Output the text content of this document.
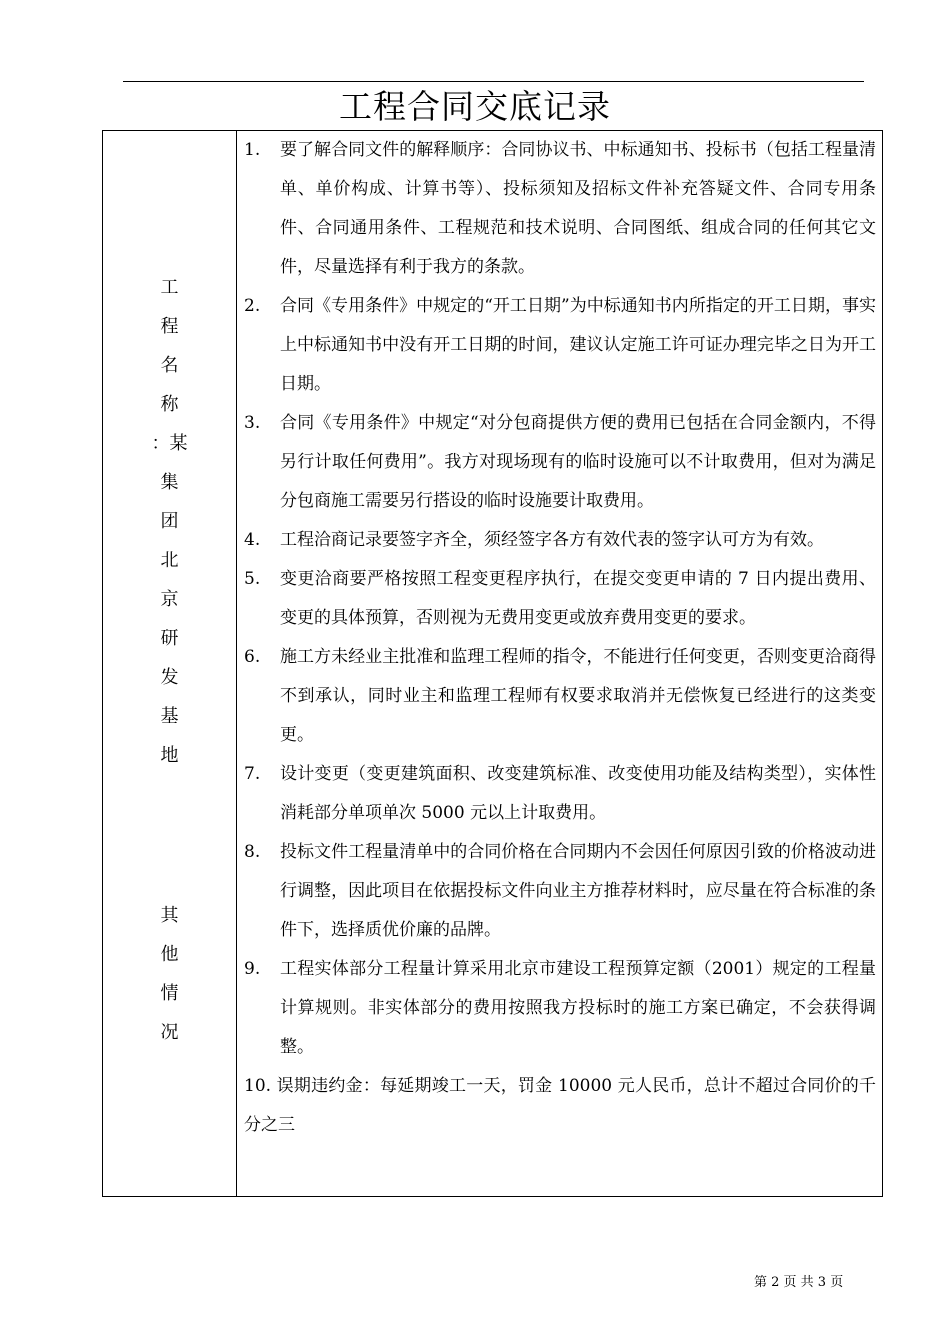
工程合同交底记录
工
程
名
称
：某
集
团
北
京
研
发
基
地
其
他
情
况
1. 要了解合同文件的解释顺序：合同协议书、中标通知书、投标书（包括工程量清单、单价构成、计算书等）、投标须知及招标文件补充答疑文件、合同专用条件、合同通用条件、工程规范和技术说明、合同图纸、组成合同的任何其它文件，尽量选择有利于我方的条款。
2. 合同《专用条件》中规定的“开工日期”为中标通知书内所指定的开工日期，事实上中标通知书中没有开工日期的时间，建议认定施工许可证办理完毕之日为开工日期。
3. 合同《专用条件》中规定“对分包商提供方便的费用已包括在合同金额内，不得另行计取任何费用”。我方对现场现有的临时设施可以不计取费用，但对为满足分包商施工需要另行搭设的临时设施要计取费用。
4. 工程洽商记录要签字齐全，须经签字各方有效代表的签字认可方为有效。
5. 变更洽商要严格按照工程变更程序执行，在提交变更申请的 7 日内提出费用、变更的具体预算，否则视为无费用变更或放弃费用变更的要求。
6. 施工方未经业主批准和监理工程师的指令，不能进行任何变更，否则变更洽商得不到承认，同时业主和监理工程师有权要求取消并无偿恢复已经进行的这类变更。
7. 设计变更（变更建筑面积、改变建筑标准、改变使用功能及结构类型），实体性消耗部分单项单次 5000 元以上计取费用。
8. 投标文件工程量清单中的合同价格在合同期内不会因任何原因引致的价格波动进行调整，因此项目在依据投标文件向业主方推荐材料时，应尽量在符合标准的条件下，选择质优价廉的品牌。
9. 工程实体部分工程量计算采用北京市建设工程预算定额（2001）规定的工程量计算规则。非实体部分的费用按照我方投标时的施工方案已确定，不会获得调整。
10. 误期违约金：每延期竣工一天，罚金 10000 元人民币，总计不超过合同价的千分之三
第 2 页 共 3 页
